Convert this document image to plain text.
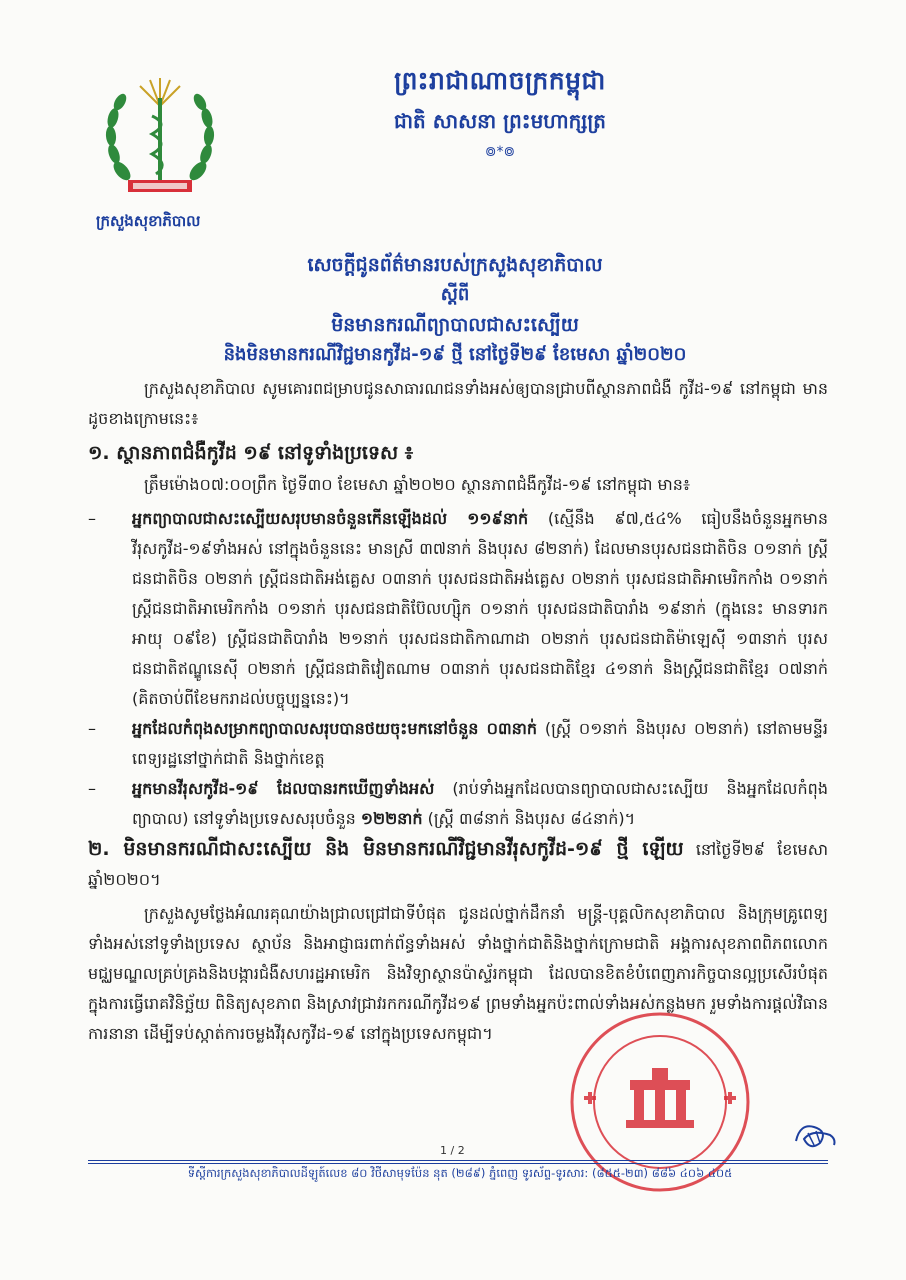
ក្រសួងសុខាភិបាល
ព្រះរាជាណាចក្រកម្ពុជា
ជាតិ សាសនា ព្រះមហាក្សត្រ
៙*៙
សេចក្តីជូនព័ត៌មានរបស់ក្រសួងសុខាភិបាល
ស្តីពី
មិនមានករណីព្យាបាលជាសះស្បើយ
និងមិនមានករណីវិជ្ជមានកូវីដ-១៩ ថ្មី នៅថ្ងៃទី២៩ ខែមេសា ឆ្នាំ២០២០

ក្រសួងសុខាភិបាល សូមគោរពជម្រាបជូនសាធារណជនទាំងអស់ឲ្យបានជ្រាបពីស្ថានភាពជំងឺ កូវីដ-១៩ នៅកម្ពុជា មានដូចខាងក្រោមនេះ៖

១. ស្ថានភាពជំងឺកូវីដ ១៩ នៅទូទាំងប្រទេស ៖

ត្រឹមម៉ោង០៧:០០ព្រឹក ថ្ងៃទី៣០ ខែមេសា ឆ្នាំ២០២០ ស្ថានភាពជំងឺកូវីដ-១៩ នៅកម្ពុជា មាន៖

–	អ្នកព្យាបាលជាសះស្បើយសរុបមានចំនួនកើនឡើងដល់ ១១៩នាក់ (ស្មើនឹង ៩៧,៥៤% ធៀបនឹងចំនួនអ្នកមានវីរុសកូវីដ-១៩ទាំងអស់ នៅក្នុងចំនួននេះ មានស្រី ៣៧នាក់ និងបុរស ៨២នាក់) ដែលមានបុរសជនជាតិចិន ០១នាក់ ស្ត្រីជនជាតិចិន ០២នាក់ ស្ត្រីជនជាតិអង់គ្លេស ០៣នាក់ បុរសជនជាតិអង់គ្លេស ០២នាក់ បុរសជនជាតិអាមេរិកកាំង ០១នាក់ ស្ត្រីជនជាតិអាមេរិកកាំង ០១នាក់ បុរសជនជាតិប៊ែលហ្ស៊ិក ០១នាក់ បុរសជនជាតិបារាំង ១៩នាក់ (ក្នុងនេះ មានទារកអាយុ ០៩ខែ) ស្ត្រីជនជាតិបារាំង ២១នាក់ បុរសជនជាតិកាណាដា ០២នាក់ បុរសជនជាតិម៉ាឡេស៊ី ១៣នាក់ បុរសជនជាតិឥណ្ឌូនេស៊ី ០២នាក់ ស្ត្រីជនជាតិវៀតណាម ០៣នាក់ បុរសជនជាតិខ្មែរ ៤១នាក់ និងស្ត្រីជនជាតិខ្មែរ ០៧នាក់ (គិតចាប់ពីខែមករាដល់បច្ចុប្បន្ននេះ)។
–	អ្នកដែលកំពុងសម្រាកព្យាបាលសរុបបានថយចុះមកនៅចំនួន ០៣នាក់ (ស្ត្រី ០១នាក់ និងបុរស ០២នាក់) នៅតាមមន្ទីរពេទ្យរដ្ឋនៅថ្នាក់ជាតិ និងថ្នាក់ខេត្ត
–	អ្នកមានវីរុសកូវីដ-១៩ ដែលបានរកឃើញទាំងអស់ (រាប់ទាំងអ្នកដែលបានព្យាបាលជាសះស្បើយ និងអ្នកដែលកំពុងព្យាបាល) នៅទូទាំងប្រទេសសរុបចំនួន ១២២នាក់ (ស្ត្រី ៣៨នាក់ និងបុរស ៨៤នាក់)។

២. មិនមានករណីជាសះស្បើយ និង មិនមានករណីវិជ្ជមានវីរុសកូវីដ-១៩ ថ្មី ឡើយ នៅថ្ងៃទី២៩ ខែមេសា ឆ្នាំ២០២០។

ក្រសួងសូមថ្លែងអំណរគុណយ៉ាងជ្រាលជ្រៅជាទីបំផុត ជូនដល់ថ្នាក់ដឹកនាំ មន្ត្រី-បុគ្គលិកសុខាភិបាល និងក្រុមគ្រូពេទ្យទាំងអស់នៅទូទាំងប្រទេស ស្ថាប័ន និងអាជ្ញាធរពាក់ព័ន្ធទាំងអស់ ទាំងថ្នាក់ជាតិនិងថ្នាក់ក្រោមជាតិ អង្គការសុខភាពពិភពលោក មជ្ឈមណ្ឌលគ្រប់គ្រងនិងបង្ការជំងឺសហរដ្ឋអាមេរិក និងវិទ្យាស្ថានប៉ាស្ទ័រកម្ពុជា ដែលបានខិតខំបំពេញភារកិច្ចបានល្អប្រសើរបំផុត ក្នុងការធ្វើរោគវិនិច្ឆ័យ ពិនិត្យសុខភាព និងស្រាវជ្រាវរកករណីកូវីដ១៩ ព្រមទាំងអ្នកប៉ះពាល់ទាំងអស់កន្លងមក រួមទាំងការផ្តល់វិធានការនានា ដើម្បីទប់ស្កាត់ការចម្លងវីរុសកូវីដ-១៩ នៅក្នុងប្រទេសកម្ពុជា។

1 / 2
ទីស្តីការក្រសួងសុខាភិបាលដីឡូត៍លេខ ៨០ វិថីសាមុទប៉ែន នុត (២៨៩) ភ្នំពេញ ទូរស័ព្ទ-ទូរសារ: (៨៥៥-២៣) ៨៨៦ ៤០៦ ៤០៥
